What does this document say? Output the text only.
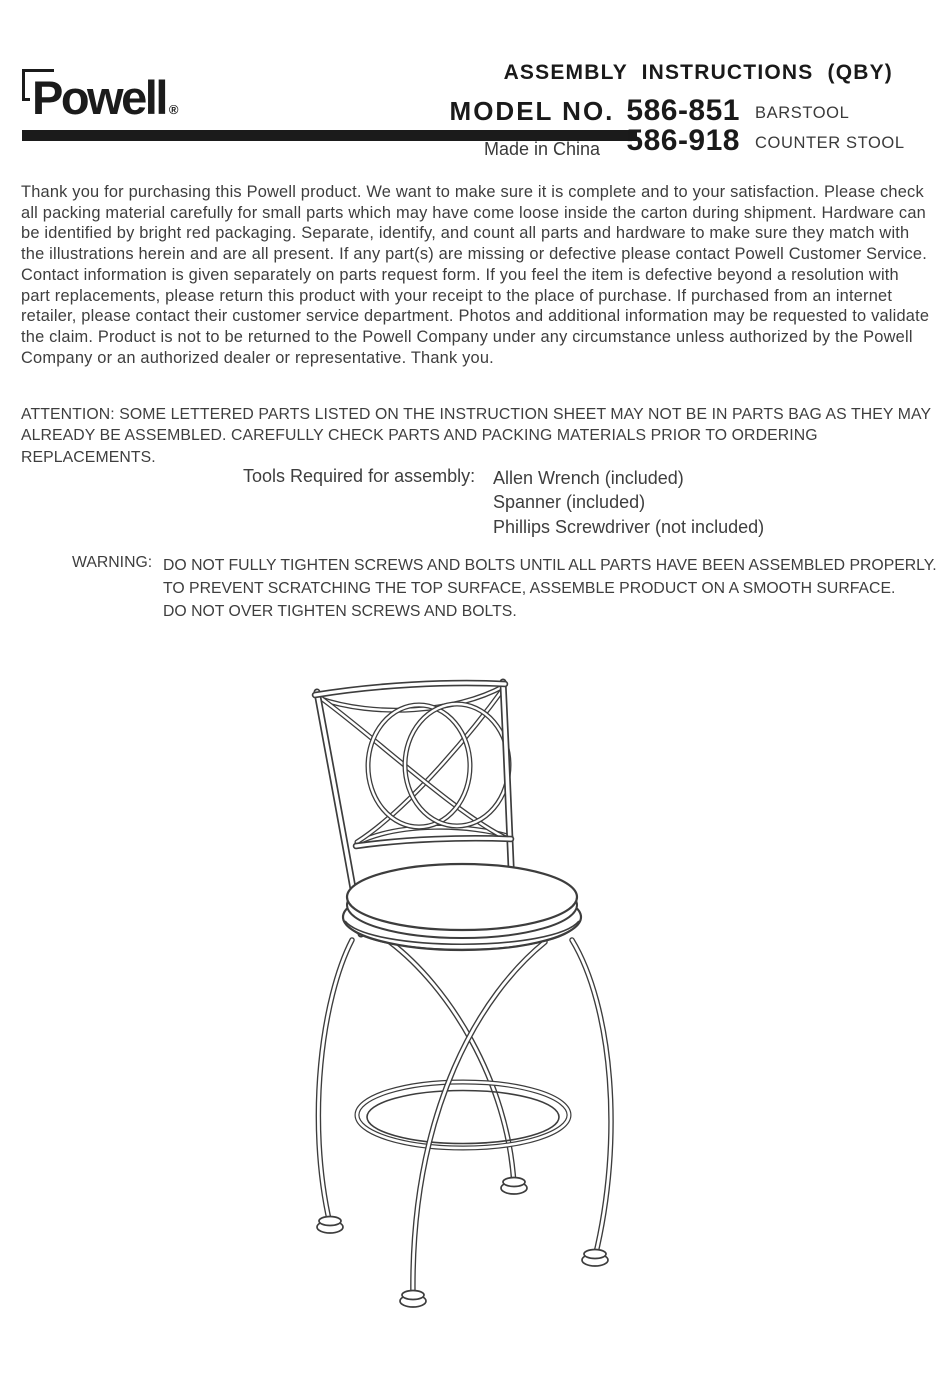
Powell ®
ASSEMBLY INSTRUCTIONS (QBY)
MODEL NO. 586-851 BARSTOOL
586-918 COUNTER STOOL
Made in China
Thank you for purchasing this Powell product. We want to make sure it is complete and to your satisfaction. Please check all packing material carefully for small parts which may have come loose inside the carton during shipment. Hardware can be identified by bright red packaging. Separate, identify, and count all parts and hardware to make sure they match with the illustrations herein and are all present. If any part(s) are missing or defective please contact Powell Customer Service. Contact information is given separately on parts request form. If you feel the item is defective beyond a resolution with part replacements, please return this product with your receipt to the place of purchase. If purchased from an internet retailer, please contact their customer service department. Photos and additional information may be requested to validate the claim. Product is not to be returned to the Powell Company under any circumstance unless authorized by the Powell Company or an authorized dealer or representative. Thank you.
ATTENTION: SOME LETTERED PARTS LISTED ON THE INSTRUCTION SHEET MAY NOT BE IN PARTS BAG AS THEY MAY ALREADY BE ASSEMBLED. CAREFULLY CHECK PARTS AND PACKING MATERIALS PRIOR TO ORDERING REPLACEMENTS.
Tools Required for assembly: Allen Wrench (included)
Spanner (included)
Phillips Screwdriver (not included)
WARNING: DO NOT FULLY TIGHTEN SCREWS AND BOLTS UNTIL ALL PARTS HAVE BEEN ASSEMBLED PROPERLY.
TO PREVENT SCRATCHING THE TOP SURFACE, ASSEMBLE PRODUCT ON A SMOOTH SURFACE.
DO NOT OVER TIGHTEN SCREWS AND BOLTS.
